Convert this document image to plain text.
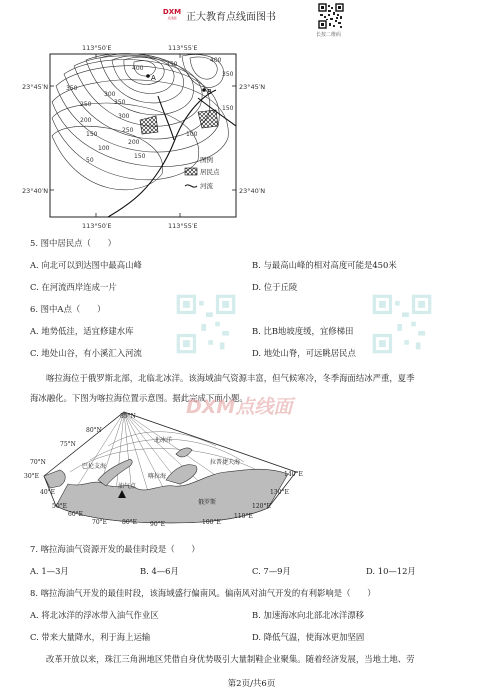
DXM
点线面 正大教育点线面图书
长按二维码
A
B
400
450
350
250
200
150
100
50
300
350
300
250
200
150
100
150
400
350
113°50′E	113°55′E
113°50′E	113°55′E
23°45′N
23°40′N
23°45′N
23°40′N
图例
居民点
河流
5. 图中居民点（　　）
A. 向北可以到达图中最高山峰	B. 与最高山峰的相对高度可能是450米
C. 在河流西岸连成一片	D. 位于丘陵
6. 图中A点（　　）
A. 地势低洼，适宜修建水库	B. 比B地坡度缓，宜修梯田
C. 地处山谷，有小溪汇入河流	D. 地处山脊，可远眺居民点
喀拉海位于俄罗斯北部，北临北冰洋。该海域油气资源丰富，但气候寒冷，冬季海面结冰严重，夏季
海冰融化。下图为喀拉海位置示意图。据此完成下面小题。
DXM点线面
85°N
80°N
75°N
70°N
30°E
40°E
50°E
60°E
70°E 80°E 90°E	100°E
110°E
120°E
130°E
140°E
北冰洋
巴伦支海
喀拉海
拉普捷夫海
俄罗斯
油气点
7. 喀拉海油气资源开发的最佳时段是（　　）
A. 1—3月	B. 4—6月	C. 7—9月	D. 10—12月
8. 喀拉海油气开发的最佳时段，该海域盛行偏南风。偏南风对油气开发的有利影响是（　　）
A. 将北冰洋的浮冰带入油气作业区	B. 加速海冰向北部北冰洋漂移
C. 带来大量降水，利于海上运输	D. 降低气温，使海冰更加坚固
改革开放以来，珠江三角洲地区凭借自身优势吸引大量制鞋企业聚集。随着经济发展，当地土地、劳
第2页/共6页
